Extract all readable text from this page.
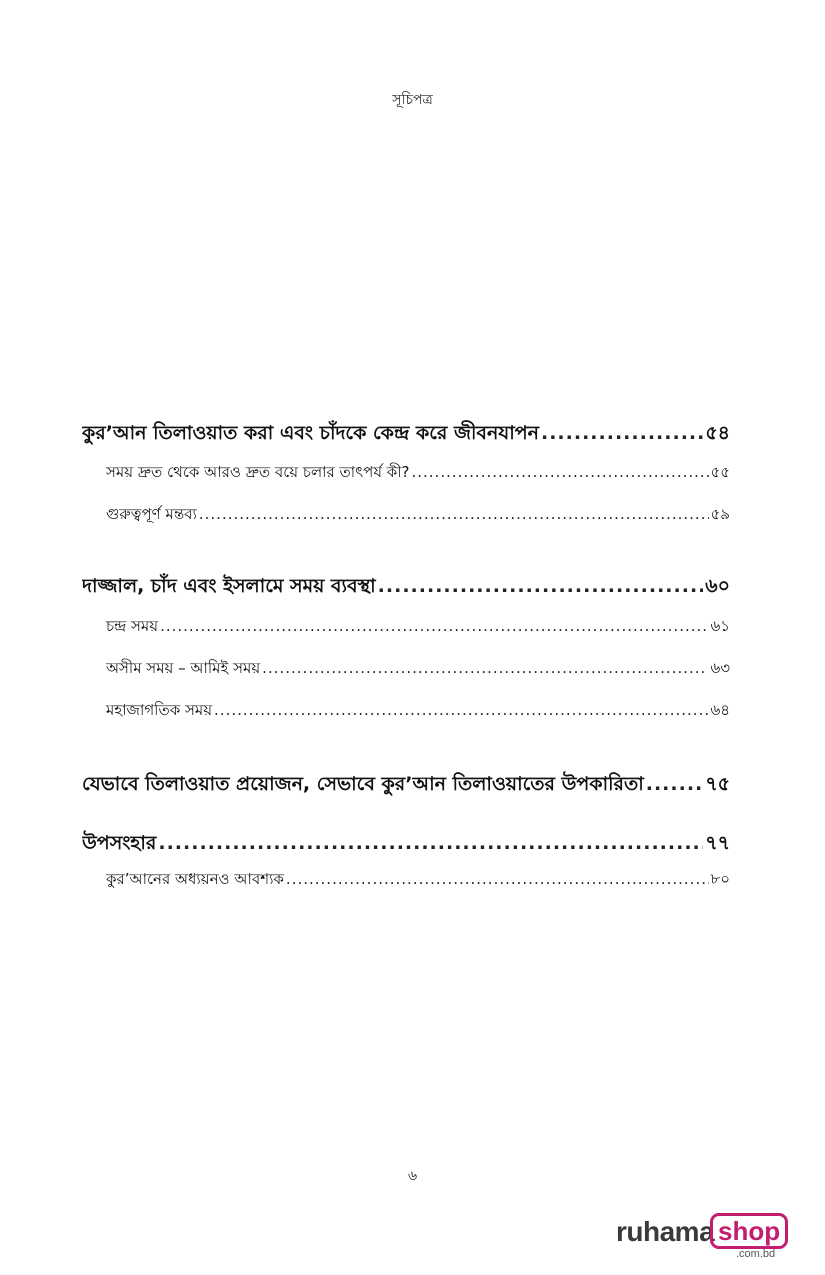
সূচিপত্র
কুর’আন তিলাওয়াত করা এবং চাঁদকে কেন্দ্র করে জীবনযাপন .....	৫৪
সময় দ্রুত থেকে আরও দ্রুত বয়ে চলার তাৎপর্য কী? .....	৫৫
গুরুত্বপূর্ণ মন্তব্য .....	৫৯
দাজ্জাল, চাঁদ এবং ইসলামে সময় ব্যবস্থা .....	৬০
চন্দ্র সময় .....	৬১
অসীম সময় – আমিই সময় .....	৬৩
মহাজাগতিক সময় .....	৬৪
যেভাবে তিলাওয়াত প্রয়োজন, সেভাবে কুর’আন তিলাওয়াতের উপকারিতা .....	৭৫
উপসংহার .....	৭৭
কুর’আনের অধ্যয়নও আবশ্যক .....	৮০
৬
ruhama shop
.com.bd
